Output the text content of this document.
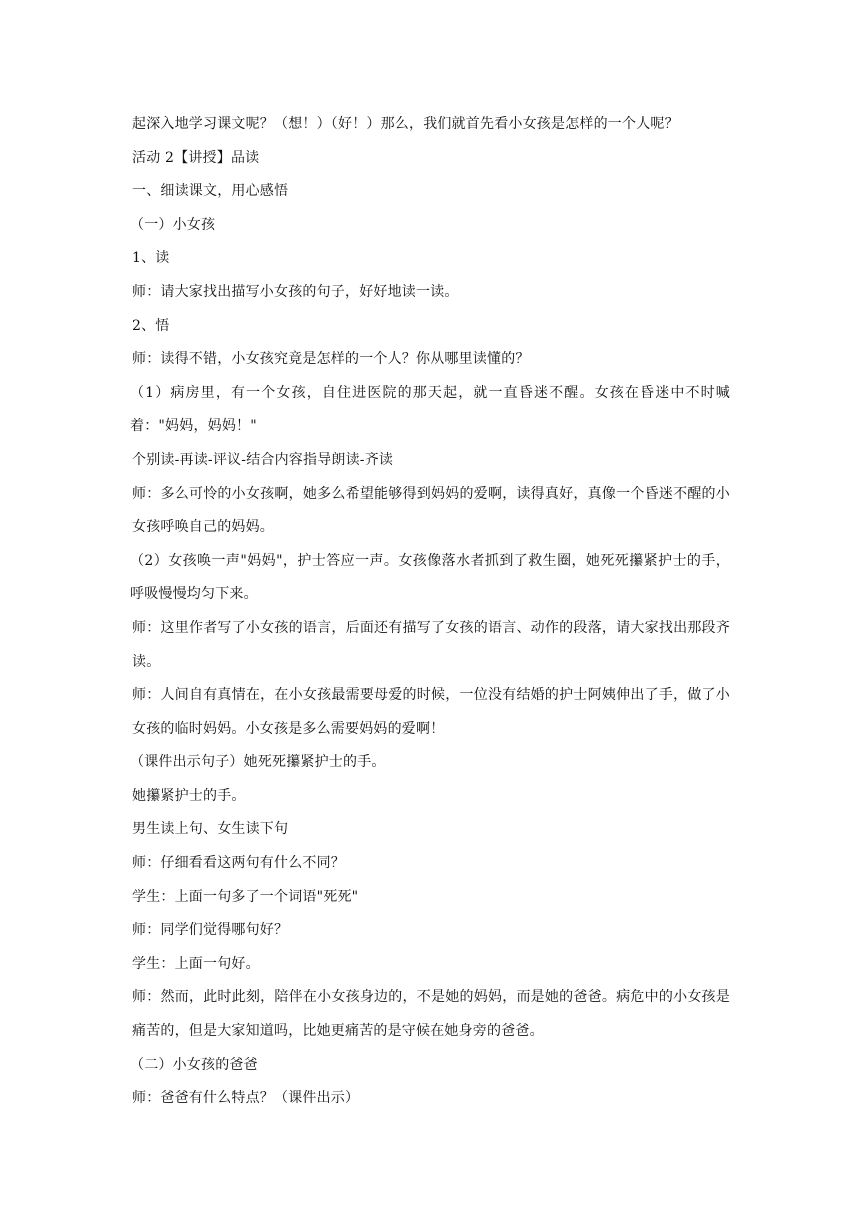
起深入地学习课文呢？（想！）（好！）那么，我们就首先看小女孩是怎样的一个人呢？

活动 2【讲授】品读

一、细读课文，用心感悟

（一）小女孩

1、读

师：请大家找出描写小女孩的句子，好好地读一读。

2、悟

师：读得不错，小女孩究竟是怎样的一个人？你从哪里读懂的？

（1）病房里，有一个女孩，自住进医院的那天起，就一直昏迷不醒。女孩在昏迷中不时喊着："妈妈，妈妈！"

个别读-再读-评议-结合内容指导朗读-齐读

师：多么可怜的小女孩啊，她多么希望能够得到妈妈的爱啊，读得真好，真像一个昏迷不醒的小女孩呼唤自己的妈妈。

（2）女孩唤一声"妈妈"，护士答应一声。女孩像落水者抓到了救生圈，她死死攥紧护士的手，呼吸慢慢均匀下来。

师：这里作者写了小女孩的语言，后面还有描写了女孩的语言、动作的段落，请大家找出那段齐读。

师：人间自有真情在，在小女孩最需要母爱的时候，一位没有结婚的护士阿姨伸出了手，做了小女孩的临时妈妈。小女孩是多么需要妈妈的爱啊！

（课件出示句子）她死死攥紧护士的手。

她攥紧护士的手。

男生读上句、女生读下句

师：仔细看看这两句有什么不同？

学生：上面一句多了一个词语"死死"

师：同学们觉得哪句好？

学生：上面一句好。

师：然而，此时此刻，陪伴在小女孩身边的，不是她的妈妈，而是她的爸爸。病危中的小女孩是痛苦的，但是大家知道吗，比她更痛苦的是守候在她身旁的爸爸。

（二）小女孩的爸爸

师：爸爸有什么特点？（课件出示）
